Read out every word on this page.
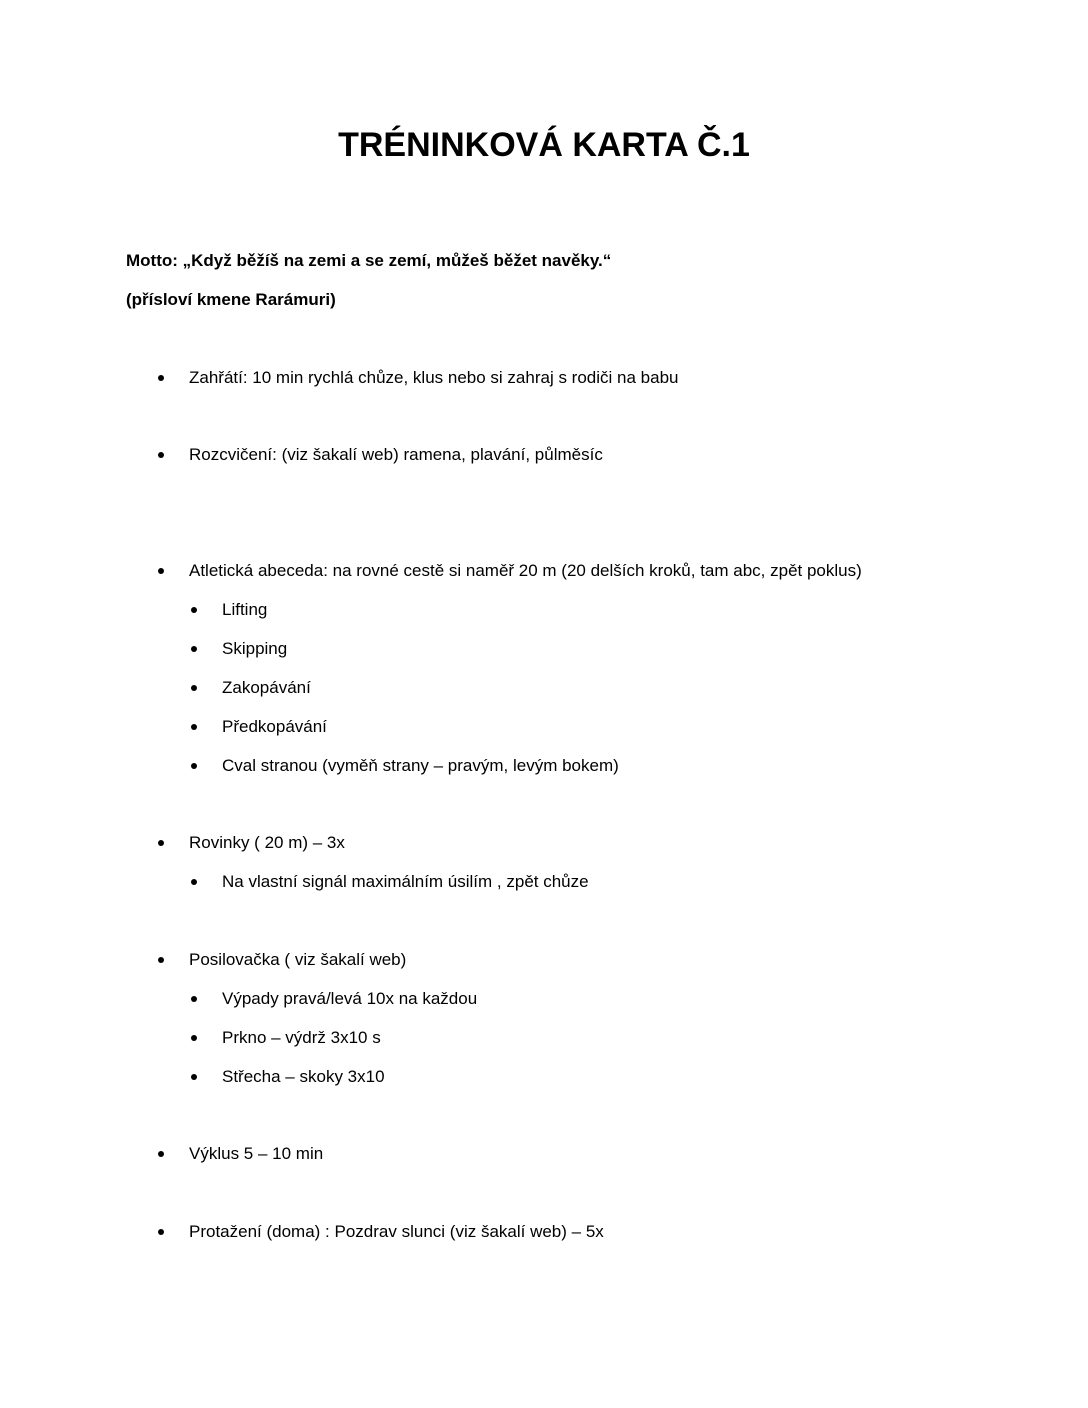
TRÉNINKOVÁ KARTA Č.1

Motto: „Když běžíš na zemi a se zemí, můžeš běžet navěky.“

(přísloví kmene Rarámuri)

Zahřátí: 10 min rychlá chůze, klus nebo si zahraj s rodiči na babu
Rozcvičení: (viz šakalí web) ramena, plavání, půlměsíc
Atletická abeceda: na rovné cestě si naměř 20 m (20 delších kroků, tam abc, zpět poklus)
Lifting
Skipping
Zakopávání
Předkopávání
Cval stranou (vyměň strany – pravým, levým bokem)
Rovinky ( 20 m) – 3x
Na vlastní signál maximálním úsilím , zpět chůze
Posilovačka ( viz šakalí web)
Výpady pravá/levá 10x na každou
Prkno – výdrž 3x10 s
Střecha – skoky 3x10
Výklus 5 – 10 min
Protažení (doma) : Pozdrav slunci (viz šakalí web) – 5x
